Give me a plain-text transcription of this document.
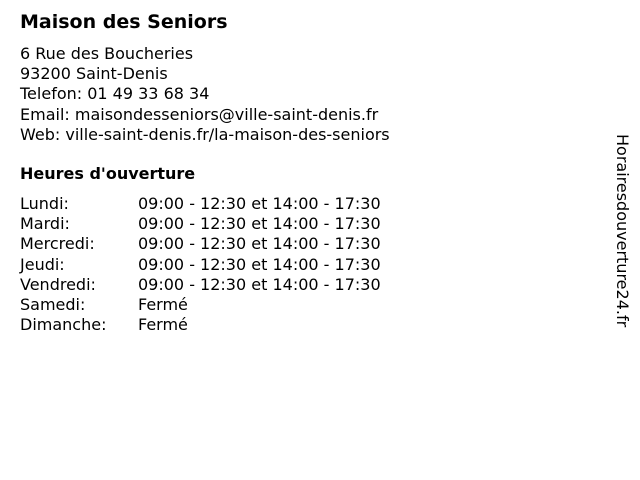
Maison des Seniors
6 Rue des Boucheries
93200 Saint-Denis
Telefon: 01 49 33 68 34
Email: maisondesseniors@ville-saint-denis.fr
Web: ville-saint-denis.fr/la-maison-des-seniors
Heures d'ouverture
Lundi:	09:00 - 12:30 et 14:00 - 17:30
Mardi:	09:00 - 12:30 et 14:00 - 17:30
Mercredi:	09:00 - 12:30 et 14:00 - 17:30
Jeudi:	09:00 - 12:30 et 14:00 - 17:30
Vendredi:	09:00 - 12:30 et 14:00 - 17:30
Samedi:	Fermé
Dimanche: Fermé	Horairesdouverture24.fr
